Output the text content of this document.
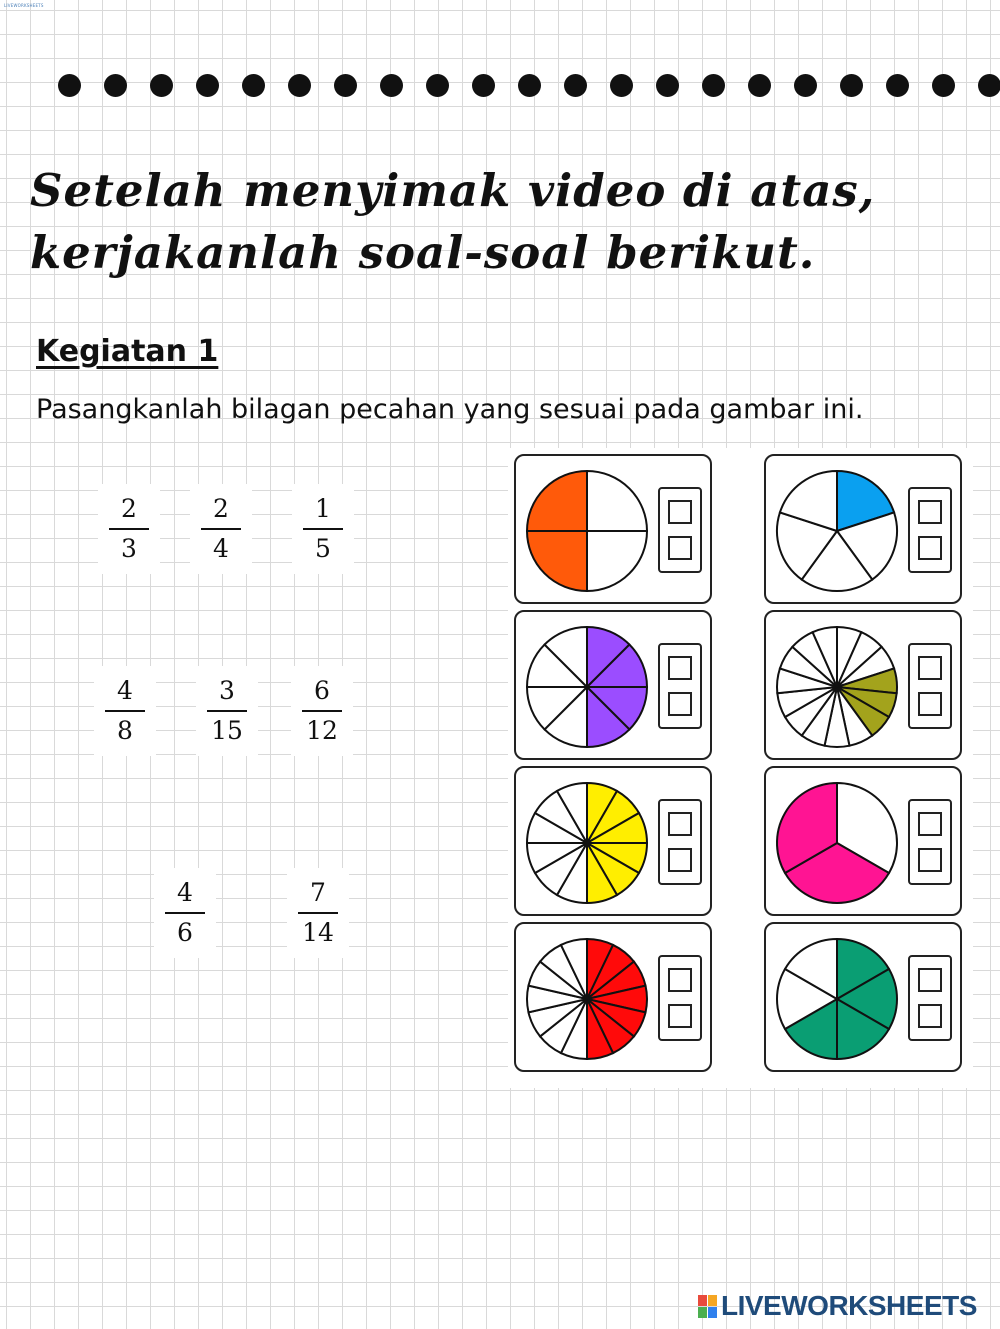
LIVEWORKSHEETS
Setelah menyimak video di atas,
kerjakanlah soal-soal berikut.
Kegiatan 1
Pasangkanlah bilagan pecahan yang sesuai pada gambar ini.
2
3
2
4
1
5
4
8
3
15
6
12
4
6
7
14
LIVEWORKSHEETS
